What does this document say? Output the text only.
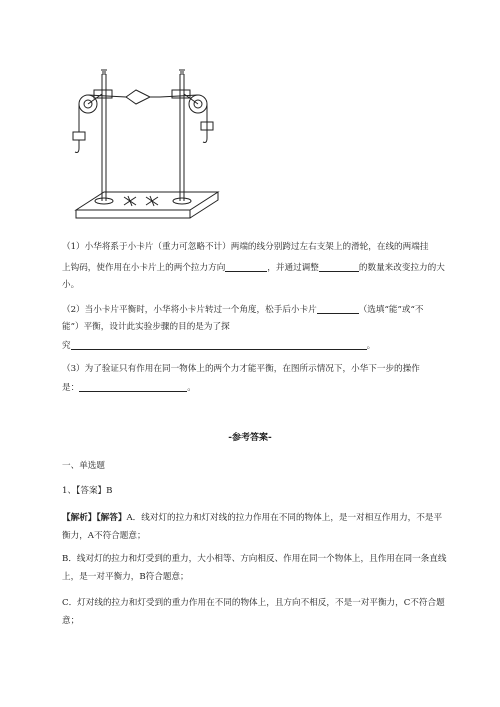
（1）小华将系于小卡片（重力可忽略不计）两端的线分别跨过左右支架上的滑轮，在线的两端挂
上钩码，使作用在小卡片上的两个拉力方向	，并通过调整	的数量来改变拉力的大
小。
（2）当小卡片平衡时，小华将小卡片转过一个角度，松手后小卡片	（选填“能”或“不
能”）平衡，设计此实验步骤的目的是为了探
究	。
（3）为了验证只有作用在同一物体上的两个力才能平衡，在图所示情况下，小华下一步的操作
是：	。
-参考答案-
一、单选题
1、【答案】B
【解析】【解答】A．线对灯的拉力和灯对线的拉力作用在不同的物体上，是一对相互作用力，不是平
衡力，A不符合题意；
B．线对灯的拉力和灯受到的重力，大小相等、方向相反、作用在同一个物体上，且作用在同一条直线
上，是一对平衡力，B符合题意；
C．灯对线的拉力和灯受到的重力作用在不同的物体上，且方向不相反，不是一对平衡力，C不符合题
意；
